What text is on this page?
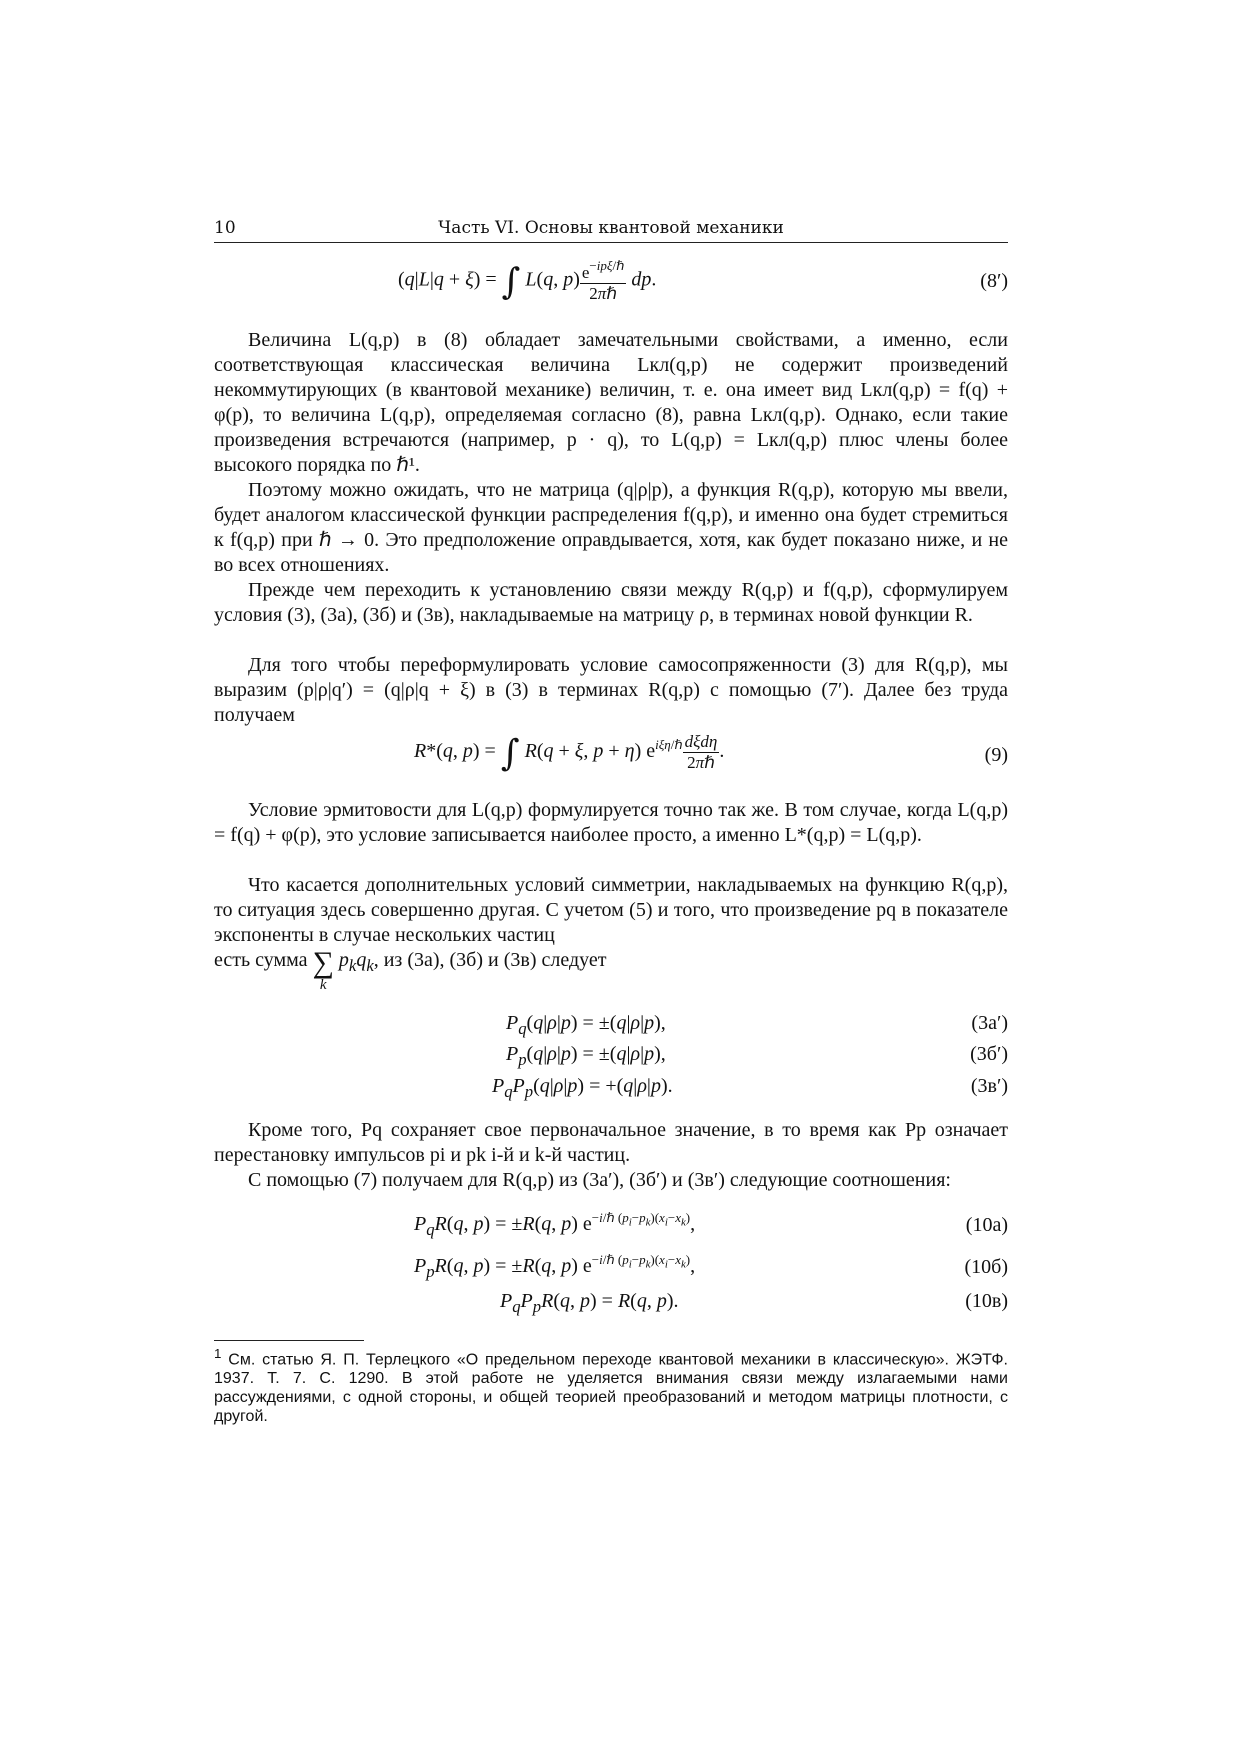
10	Часть VI. Основы квантовой механики
(q|L|q + ξ) = ∫ L(q, $p) \frac{e^{-ip\xi/\hbar}}{\text{2πℏ}}$ dp.	(8′)
Величина L(q,p) в (8) обладает замечательными свойствами, а именно, если соответствующая классическая величина Lкл(q,p) не содержит произведений некоммутирующих (в квантовой механике) величин, т. е. она имеет вид Lкл(q,p) = f(q) + φ(p), то величина L(q,p), определяемая согласно (8), равна Lкл(q,p). Однако, если такие произведения встречаются (например, p · q), то L(q,p) = Lкл(q,p) плюс члены более высокого порядка по ℏ¹.
Поэтому можно ожидать, что не матрица (q|ρ|p), а функция R(q,p), которую мы ввели, будет аналогом классической функции распределения f(q,p), и именно она будет стремиться к f(q,p) при ℏ → 0. Это предположение оправдывается, хотя, как будет показано ниже, и не во всех отношениях.
Прежде чем переходить к установлению связи между R(q,p) и f(q,p), сформулируем условия (3), (3а), (3б) и (3в), накладываемые на матрицу ρ, в терминах новой функции R.
Для того чтобы переформулировать условие самосопряженности (3) для R(q,p), мы выразим (p|ρ|q′) = (q|ρ|q + ξ) в (3) в терминах R(q,p) с помощью (7′). Далее без труда получаем
R*(q, p) = ∫ R(q + ξ, p + η) $e^{i\xi\eta/\hbar} \frac{\text{dξdη}}{\text{2πℏ}}$ .	(9)
Условие эрмитовости для L(q,p) формулируется точно так же. В том случае, когда L(q,p) = f(q) + φ(p), это условие записывается наиболее просто, а именно L*(q,p) = L(q,p).
Что касается дополнительных условий симметрии, накладываемых на функцию R(q,p), то ситуация здесь совершенно другая. С учетом (5) и того, что произведение pq в показателе экспоненты в случае нескольких частиц
есть сумма ∑
k
$p_kq_k$, из (3а), (3б) и (3в) следует
$P_q(q|\rho|p) = \pm(q|\rho|p)$,	(3а′)
$P_p(q|\rho|p) = \pm(q|\rho|p)$,	(3б′)
$P_qP_p(q|\rho|p) = +(q|\rho|p)$.	(3в′)
Кроме того, Pq сохраняет свое первоначальное значение, в то время как Pp означает перестановку импульсов pi и pk i-й и k-й частиц.
С помощью (7) получаем для R(q,p) из (3а′), (3б′) и (3в′) следующие соотношения:
$P_qR(q$, p) = ±R(q, p) $e^{-i/\hbar (p_i-p_k)(x_i-x_k)}$,	(10а)
$P_pR(q$, p) = ±R(q, p) $e^{-i/\hbar (p_i-p_k)(x_i-x_k)}$,	(10б)
$P_qP_pR(q$, p) = R(q, p).	(10в)
$^1$ См. статью Я. П. Терлецкого «О предельном переходе квантовой механики в классическую». ЖЭТФ. 1937. Т. 7. С. 1290. В этой работе не уделяется внимания связи между излагаемыми нами рассуждениями, с одной стороны, и общей теорией преобразований и методом матрицы плотности, с другой.
